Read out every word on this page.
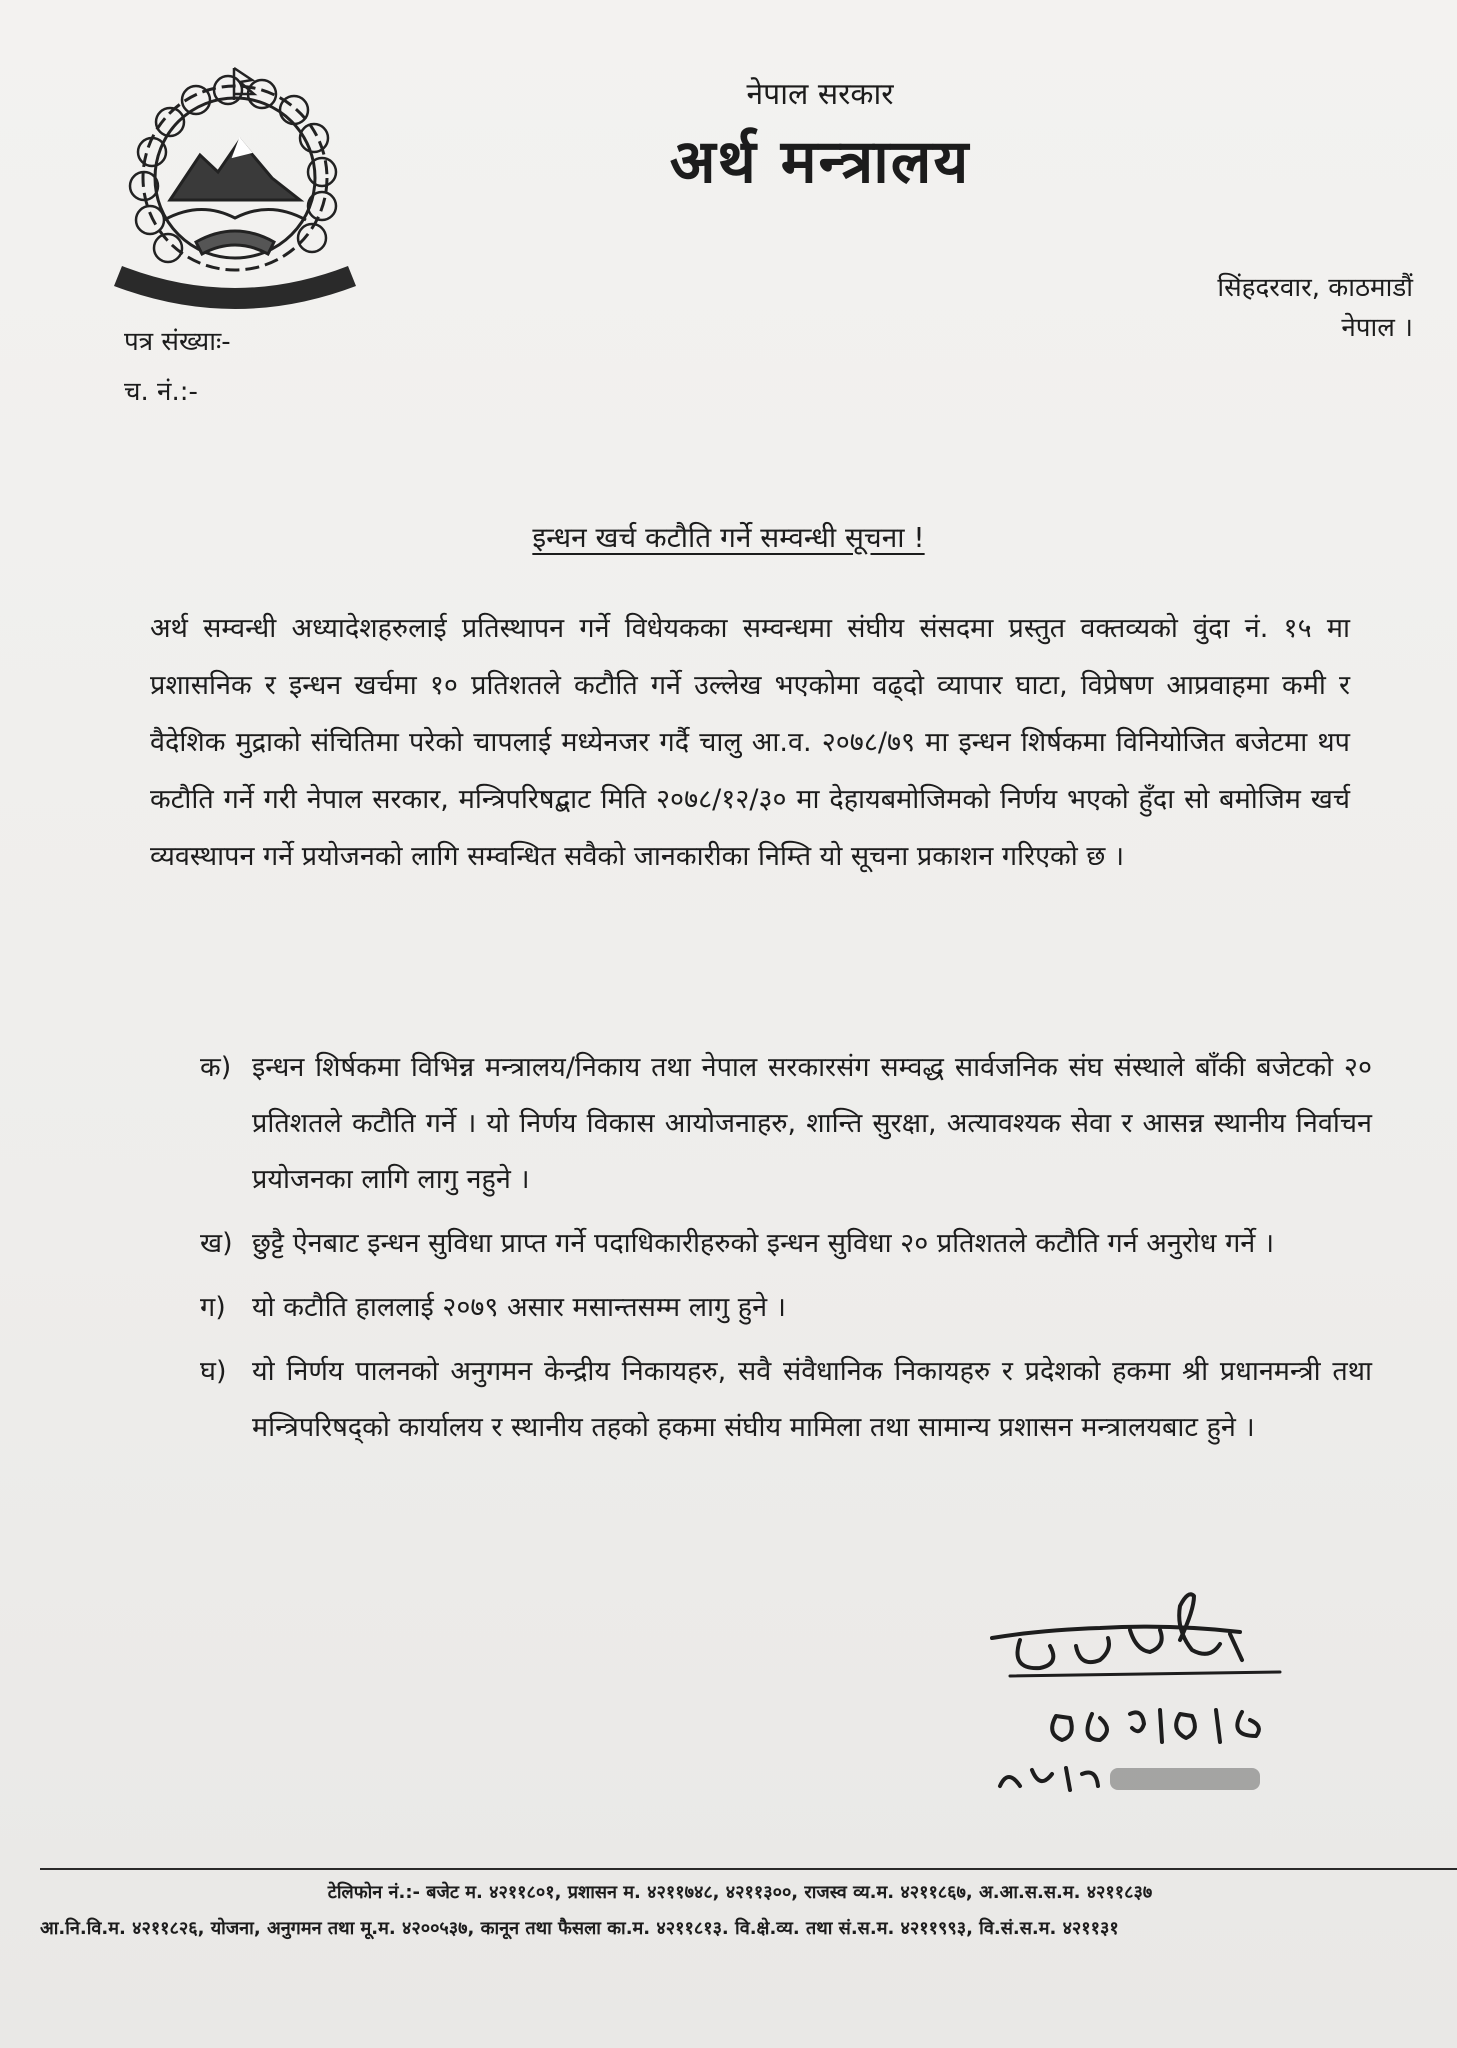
नेपाल सरकार
अर्थ मन्त्रालय
सिंहदरवार, काठमाडौं
नेपाल ।
पत्र संख्याः-
च. नं.:-
इन्धन खर्च कटौति गर्ने सम्वन्धी सूचना !
अर्थ सम्वन्धी अध्यादेशहरुलाई प्रतिस्थापन गर्ने विधेयकका सम्वन्धमा संघीय संसदमा प्रस्तुत वक्तव्यको वुंदा नं. १५ मा प्रशासनिक र इन्धन खर्चमा १० प्रतिशतले कटौति गर्ने उल्लेख भएकोमा वढ्दो व्यापार घाटा, विप्रेषण आप्रवाहमा कमी र वैदेशिक मुद्राको संचितिमा परेको चापलाई मध्येनजर गर्दै चालु आ.व. २०७८/७९ मा इन्धन शिर्षकमा विनियोजित बजेटमा थप कटौति गर्ने गरी नेपाल सरकार, मन्त्रिपरिषद्बाट मिति २०७८/१२/३० मा देहायबमोजिमको निर्णय भएको हुँदा सो बमोजिम खर्च व्यवस्थापन गर्ने प्रयोजनको लागि सम्वन्धित सवैको जानकारीका निम्ति यो सूचना प्रकाशन गरिएको छ ।
क) इन्धन शिर्षकमा विभिन्न मन्त्रालय/निकाय तथा नेपाल सरकारसंग सम्वद्ध सार्वजनिक संघ संस्थाले बाँकी बजेटको २० प्रतिशतले कटौति गर्ने । यो निर्णय विकास आयोजनाहरु, शान्ति सुरक्षा, अत्यावश्यक सेवा र आसन्न स्थानीय निर्वाचन प्रयोजनका लागि लागु नहुने ।
ख) छुट्टै ऐनबाट इन्धन सुविधा प्राप्त गर्ने पदाधिकारीहरुको इन्धन सुविधा २० प्रतिशतले कटौति गर्न अनुरोध गर्ने ।
ग) यो कटौति हाललाई २०७९ असार मसान्तसम्म लागु हुने ।
घ) यो निर्णय पालनको अनुगमन केन्द्रीय निकायहरु, सवै संवैधानिक निकायहरु र प्रदेशको हकमा श्री प्रधानमन्त्री तथा मन्त्रिपरिषद्को कार्यालय र स्थानीय तहको हकमा संघीय मामिला तथा सामान्य प्रशासन मन्त्रालयबाट हुने ।
टेलिफोन नं.:- बजेट म. ४२११८०१, प्रशासन म. ४२११७४८, ४२११३००, राजस्व व्य.म. ४२११८६७, अ.आ.स.स.म. ४२११८३७
आ.नि.वि.म. ४२११८२६, योजना, अनुगमन तथा मू.म. ४२००५३७, कानून तथा फैसला का.म. ४२११८१३. वि.क्षे.व्य. तथा सं.स.म. ४२११९९३, वि.सं.स.म. ४२११३१
